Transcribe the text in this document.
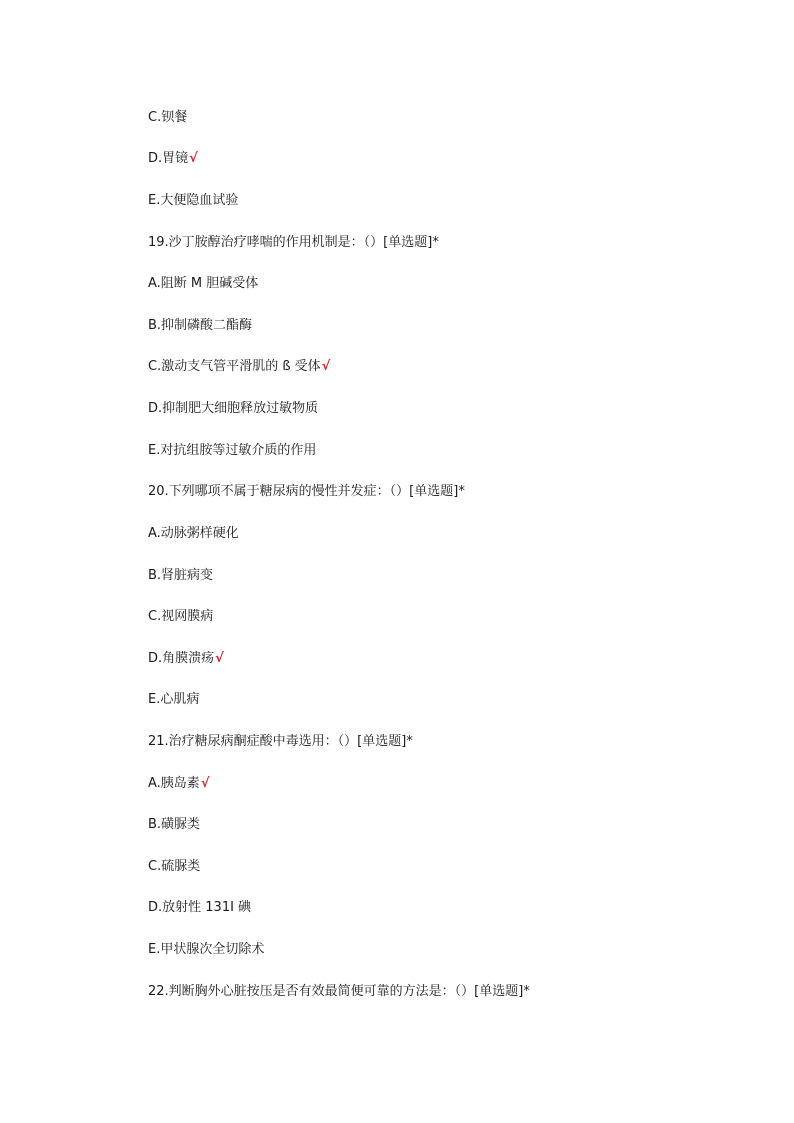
C.钡餐
D.胃镜√
E.大便隐血试验
19.沙丁胺醇治疗哮喘的作用机制是：（）[单选题]*
A.阻断 M 胆碱受体
B.抑制磷酸二酯酶
C.激动支气管平滑肌的 ß 受体√
D.抑制肥大细胞释放过敏物质
E.对抗组胺等过敏介质的作用
20.下列哪项不属于糖尿病的慢性并发症：（）[单选题]*
A.动脉粥样硬化
B.肾脏病变
C.视网膜病
D.角膜溃疡√
E.心肌病
21.治疗糖尿病酮症酸中毒选用：（）[单选题]*
A.胰岛素√
B.磺脲类
C.硫脲类
D.放射性 131I 碘
E.甲状腺次全切除术
22.判断胸外心脏按压是否有效最简便可靠的方法是：（）[单选题]*
